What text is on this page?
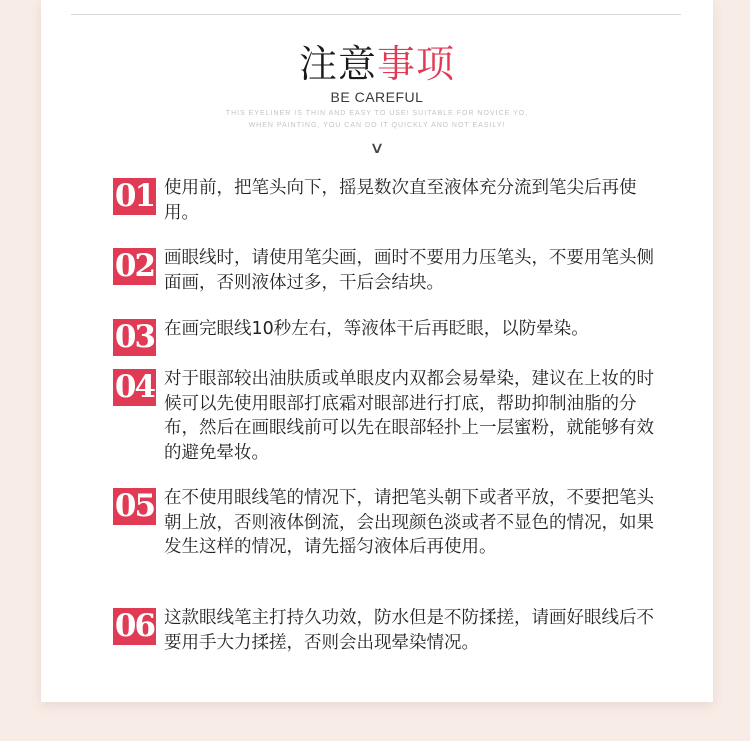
注意事项
BE CAREFUL
THIS EYELINER IS THIN AND EASY TO USE! SUITABLE FOR NOVICE YO,
WHEN PAINTING, YOU CAN DO IT QUICKLY AND NOT EASILY!
∨
01 使用前，把笔头向下，摇晃数次直至液体充分流到笔尖后再使用。
02 画眼线时，请使用笔尖画，画时不要用力压笔头，不要用笔头侧面画，否则液体过多，干后会结块。
03 在画完眼线10秒左右，等液体干后再眨眼，以防晕染。
04 对于眼部较出油肤质或单眼皮内双都会易晕染，建议在上妆的时候可以先使用眼部打底霜对眼部进行打底，帮助抑制油脂的分布，然后在画眼线前可以先在眼部轻扑上一层蜜粉，就能够有效的避免晕妆。
05 在不使用眼线笔的情况下，请把笔头朝下或者平放，不要把笔头朝上放，否则液体倒流，会出现颜色淡或者不显色的情况，如果发生这样的情况，请先摇匀液体后再使用。
06 这款眼线笔主打持久功效，防水但是不防揉搓，请画好眼线后不要用手大力揉搓，否则会出现晕染情况。
